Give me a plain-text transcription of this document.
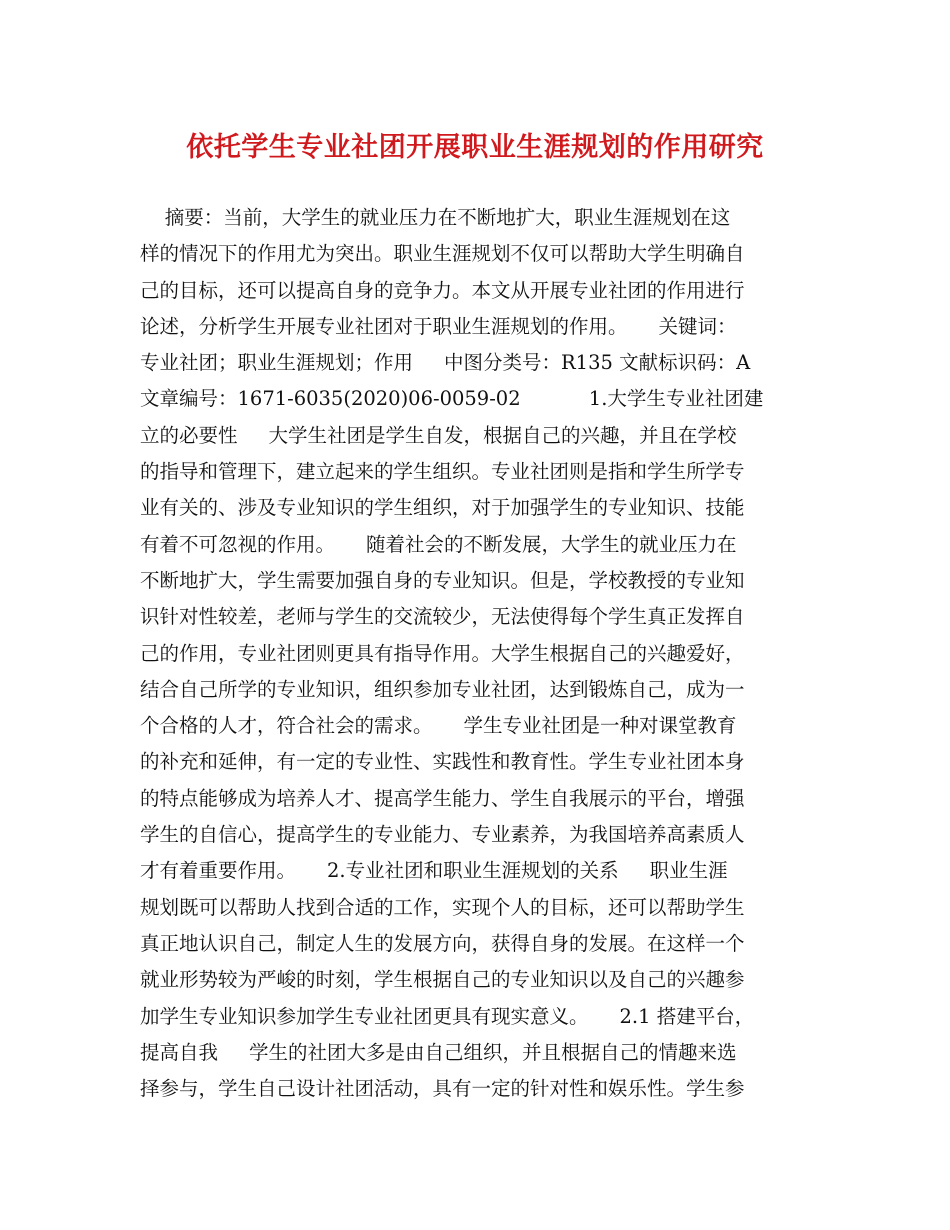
依托学生专业社团开展职业生涯规划的作用研究
摘要：当前，大学生的就业压力在不断地扩大，职业生涯规划在这
样的情况下的作用尤为突出。职业生涯规划不仅可以帮助大学生明确自
己的目标，还可以提高自身的竞争力。本文从开展专业社团的作用进行
论述，分析学生开展专业社团对于职业生涯规划的作用。     关键词：
专业社团；职业生涯规划；作用     中图分类号：R135 文献标识码：A
文章编号：1671-6035(2020)06-0059-02           1.大学生专业社团建
立的必要性     大学生社团是学生自发，根据自己的兴趣，并且在学校
的指导和管理下，建立起来的学生组织。专业社团则是指和学生所学专
业有关的、涉及专业知识的学生组织，对于加强学生的专业知识、技能
有着不可忽视的作用。     随着社会的不断发展，大学生的就业压力在
不断地扩大，学生需要加强自身的专业知识。但是，学校教授的专业知
识针对性较差，老师与学生的交流较少，无法使得每个学生真正发挥自
己的作用，专业社团则更具有指导作用。大学生根据自己的兴趣爱好，
结合自己所学的专业知识，组织参加专业社团，达到锻炼自己，成为一
个合格的人才，符合社会的需求。     学生专业社团是一种对课堂教育
的补充和延伸，有一定的专业性、实践性和教育性。学生专业社团本身
的特点能够成为培养人才、提高学生能力、学生自我展示的平台，增强
学生的自信心，提高学生的专业能力、专业素养，为我国培养高素质人
才有着重要作用。     2.专业社团和职业生涯规划的关系     职业生涯
规划既可以帮助人找到合适的工作，实现个人的目标，还可以帮助学生
真正地认识自己，制定人生的发展方向，获得自身的发展。在这样一个
就业形势较为严峻的时刻，学生根据自己的专业知识以及自己的兴趣参
加学生专业知识参加学生专业社团更具有现实意义。     2.1 搭建平台，
提高自我     学生的社团大多是由自己组织，并且根据自己的情趣来选
择参与，学生自己设计社团活动，具有一定的针对性和娱乐性。学生参
